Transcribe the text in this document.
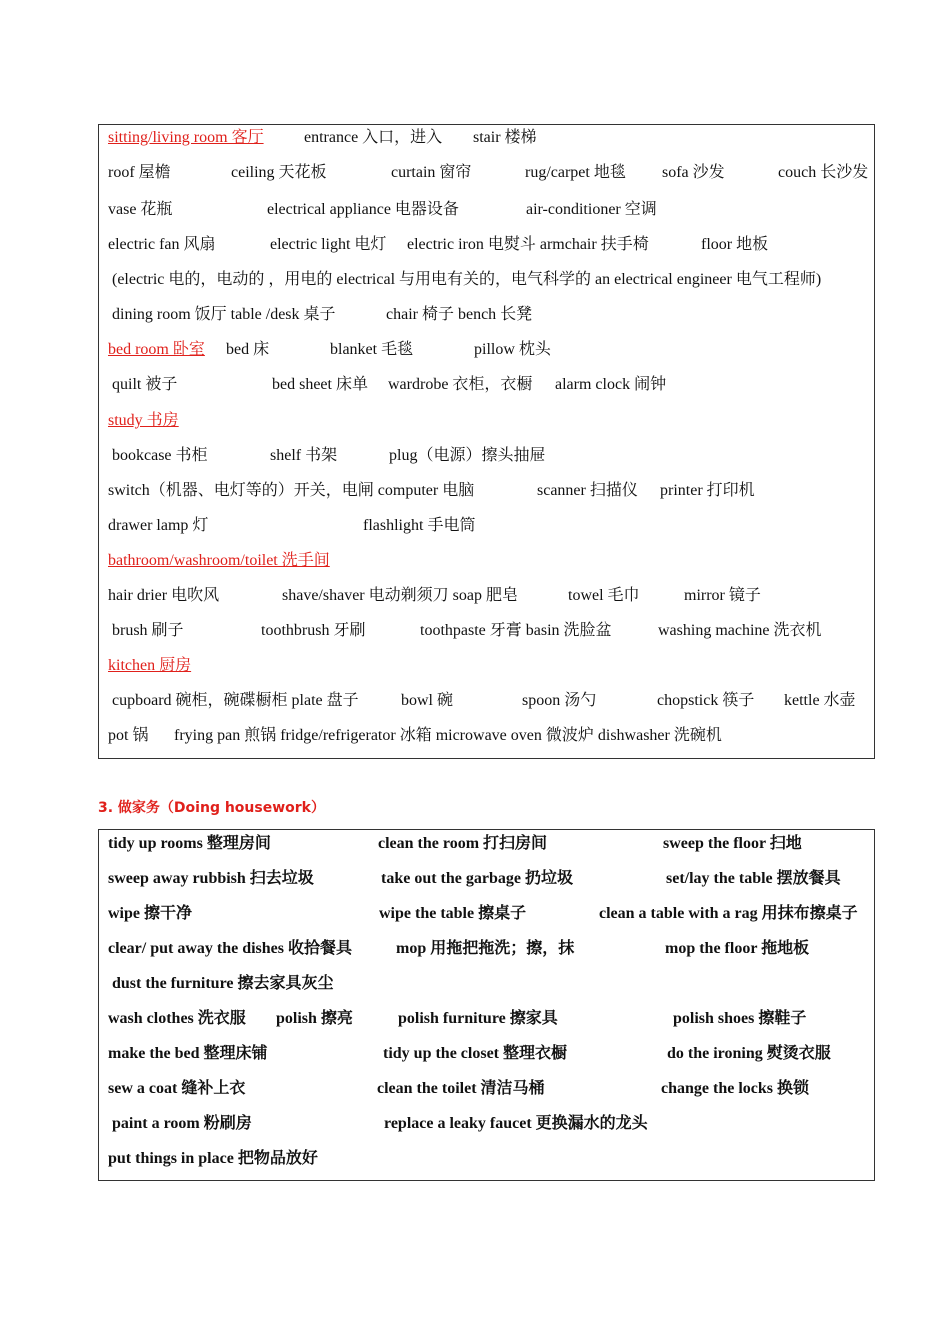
sitting/living room 客厅	entrance 入口，进入 stair 楼梯
roof 屋檐	ceiling 天花板	curtain 窗帘	rug/carpet 地毯 sofa 沙发	couch 长沙发
vase 花瓶	electrical appliance 电器设备	air-conditioner 空调
electric fan 风扇	electric light 电灯 electric iron 电熨斗 armchair 扶手椅	floor 地板
(electric 电的，电动的 ，用电的 electrical 与用电有关的，电气科学的 an electrical engineer 电气工程师)
dining room 饭厅 table /desk 桌子	chair 椅子 bench 长凳
bed room 卧室 bed 床	blanket 毛毯	pillow 枕头
quilt 被子	bed sheet 床单 wardrobe 衣柜，衣橱 alarm clock 闹钟
study 书房
bookcase 书柜	shelf 书架	plug（电源）擦头抽屉
switch（机器、电灯等的）开关，电闸 computer 电脑	scanner 扫描仪 printer 打印机
drawer lamp 灯	flashlight 手电筒
bathroom/washroom/toilet 洗手间
hair drier 电吹风	shave/shaver 电动剃须刀 soap 肥皂	towel 毛巾	mirror 镜子
brush 刷子	toothbrush 牙刷	toothpaste 牙膏 basin 洗脸盆	washing machine 洗衣机
kitchen 厨房
cupboard 碗柜，碗碟橱柜 plate 盘子	bowl 碗	spoon 汤勺	chopstick 筷子 kettle 水壶
pot 锅 frying pan 煎锅 fridge/refrigerator 冰箱 microwave oven 微波炉 dishwasher 洗碗机
3. 做家务（Doing housework）
tidy up rooms 整理房间	clean the room 打扫房间	sweep the floor 扫地
sweep away rubbish 扫去垃圾	take out the garbage 扔垃圾	set/lay the table 摆放餐具
wipe 擦干净	wipe the table 擦桌子	clean a table with a rag 用抹布擦桌子
clear/ put away the dishes 收拾餐具	mop 用拖把拖洗；擦，抹	mop the floor 拖地板
dust the furniture 擦去家具灰尘
wash clothes 洗衣服 polish 擦亮	polish furniture 擦家具	polish shoes 擦鞋子
make the bed 整理床铺	tidy up the closet 整理衣橱	do the ironing 熨烫衣服
sew a coat 缝补上衣	clean the toilet 清洁马桶	change the locks 换锁
paint a room 粉刷房	replace a leaky faucet 更换漏水的龙头
put things in place 把物品放好
